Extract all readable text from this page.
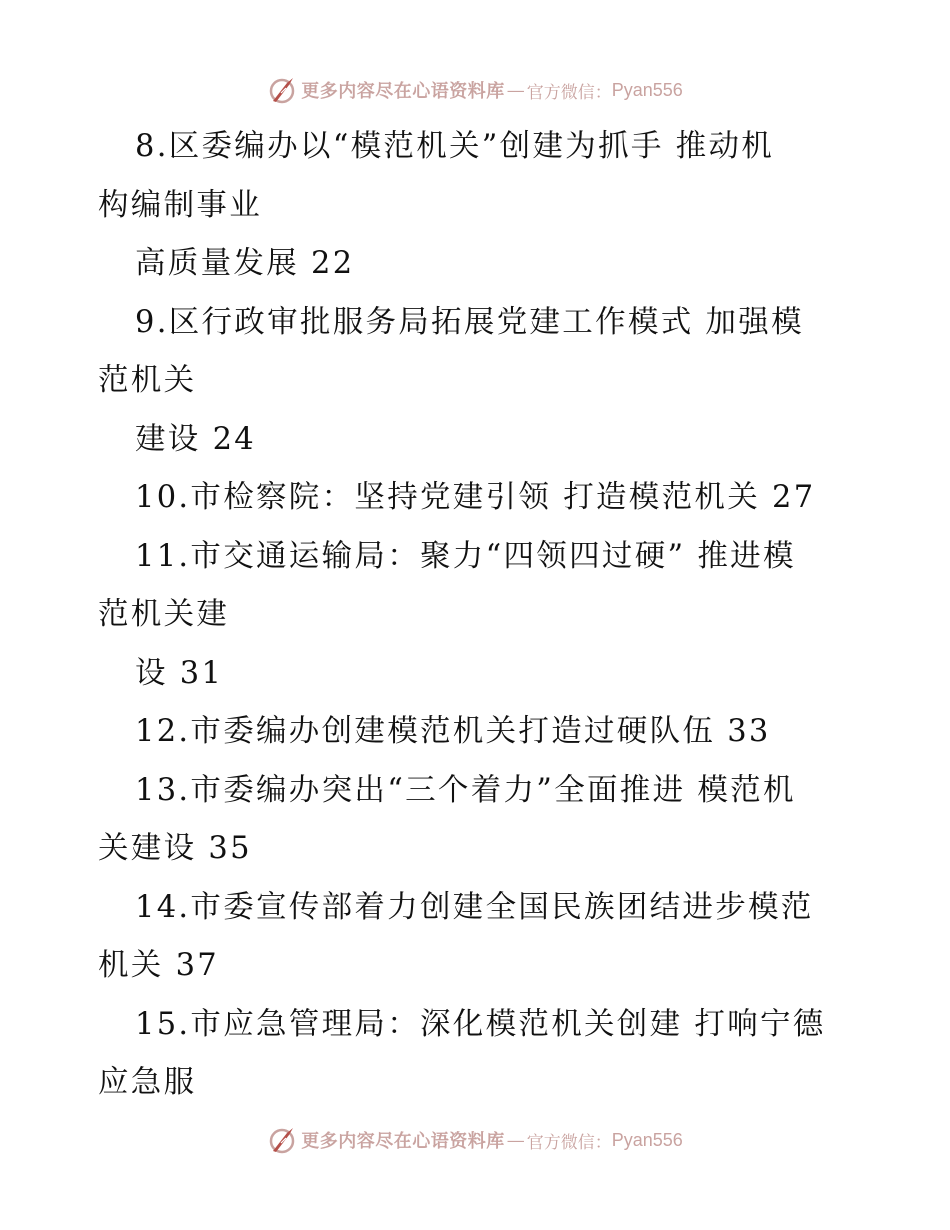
更多内容尽在心语资料库 — 官方微信： Pyan556
8.区委编办以“模范机关”创建为抓手 推动机
构编制事业
高质量发展 22
9.区行政审批服务局拓展党建工作模式 加强模
范机关
建设 24
10.市检察院：坚持党建引领 打造模范机关 27
11.市交通运输局：聚力“四领四过硬” 推进模
范机关建
设 31
12.市委编办创建模范机关打造过硬队伍 33
13.市委编办突出“三个着力”全面推进 模范机
关建设 35
14.市委宣传部着力创建全国民族团结进步模范
机关 37
15.市应急管理局：深化模范机关创建 打响宁德
应急服
更多内容尽在心语资料库 — 官方微信： Pyan556
